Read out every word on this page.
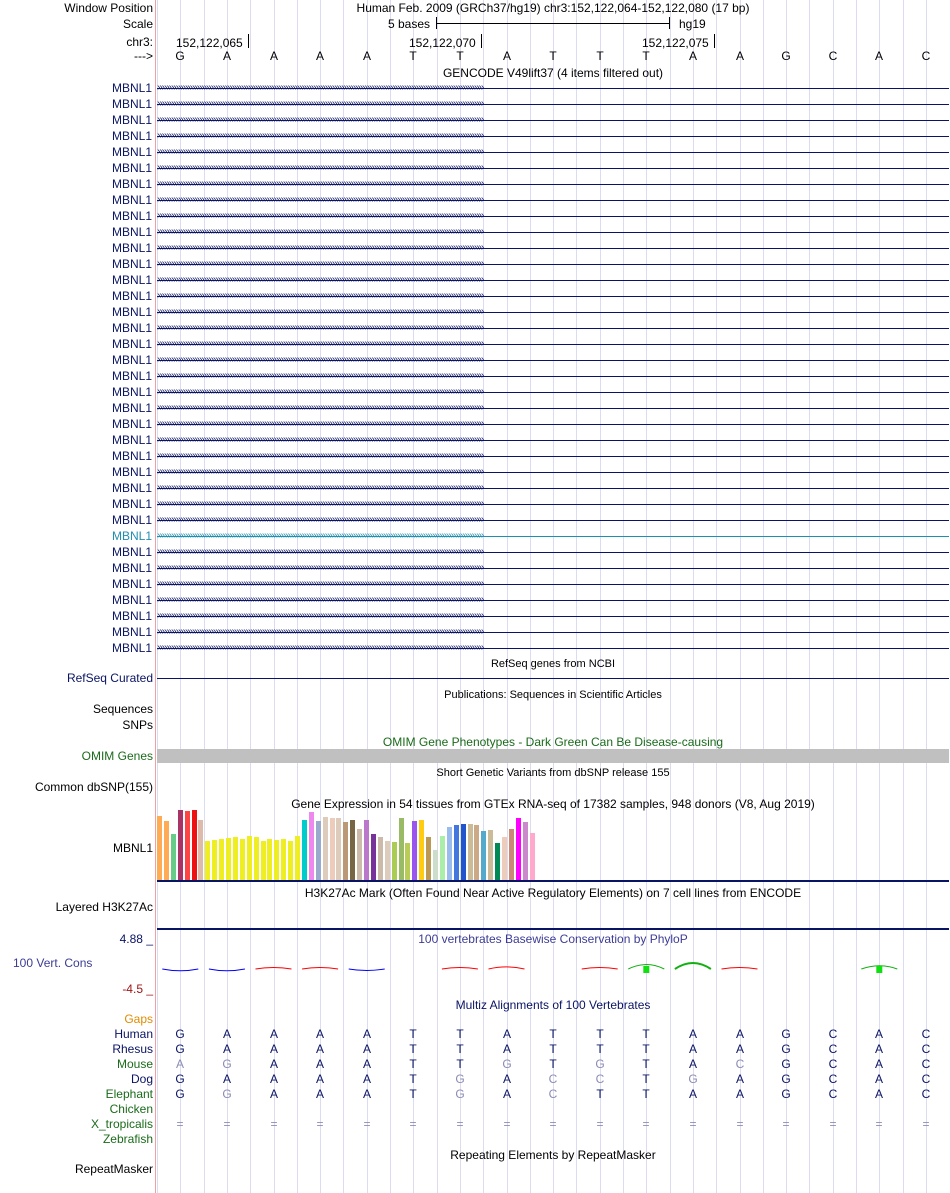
Window Position	Human Feb. 2009 (GRCh37/hg19) chr3:152,122,064-152,122,080 (17 bp)
Scale	5 bases	hg19
chr3: 152,122,065	152,122,070	152,122,075
--->	G	A	A	A	A	T	T	A	T	T	T	A	A	G	C	A	C
GENCODE V49lift37 (4 items filtered out)
MBNL1 ››››››››››››››››››››››››››››››››››››››››››››››››››››››››››››››››››››››››››››››››››››››››››››››››››››››››››››››››››››››››››››››››››››››››››››
MBNL1 ››››››››››››››››››››››››››››››››››››››››››››››››››››››››››››››››››››››››››››››››››››››››››››››››››››››››››››››››››››››››››››››››››››››››››››
MBNL1 ››››››››››››››››››››››››››››››››››››››››››››››››››››››››››››››››››››››››››››››››››››››››››››››››››››››››››››››››››››››››››››››››››››››››››››
MBNL1 ››››››››››››››››››››››››››››››››››››››››››››››››››››››››››››››››››››››››››››››››››››››››››››››››››››››››››››››››››››››››››››››››››››››››››››
MBNL1 ››››››››››››››››››››››››››››››››››››››››››››››››››››››››››››››››››››››››››››››››››››››››››››››››››››››››››››››››››››››››››››››››››››››››››››
MBNL1 ››››››››››››››››››››››››››››››››››››››››››››››››››››››››››››››››››››››››››››››››››››››››››››››››››››››››››››››››››››››››››››››››››››››››››››
MBNL1 ››››››››››››››››››››››››››››››››››››››››››››››››››››››››››››››››››››››››››››››››››››››››››››››››››››››››››››››››››››››››››››››››››››››››››››
MBNL1 ››››››››››››››››››››››››››››››››››››››››››››››››››››››››››››››››››››››››››››››››››››››››››››››››››››››››››››››››››››››››››››››››››››››››››››
MBNL1 ››››››››››››››››››››››››››››››››››››››››››››››››››››››››››››››››››››››››››››››››››››››››››››››››››››››››››››››››››››››››››››››››››››››››››››
MBNL1 ››››››››››››››››››››››››››››››››››››››››››››››››››››››››››››››››››››››››››››››››››››››››››››››››››››››››››››››››››››››››››››››››››››››››››››
MBNL1 ››››››››››››››››››››››››››››››››››››››››››››››››››››››››››››››››››››››››››››››››››››››››››››››››››››››››››››››››››››››››››››››››››››››››››››
MBNL1 ››››››››››››››››››››››››››››››››››››››››››››››››››››››››››››››››››››››››››››››››››››››››››››››››››››››››››››››››››››››››››››››››››››››››››››
MBNL1 ››››››››››››››››››››››››››››››››››››››››››››››››››››››››››››››››››››››››››››››››››››››››››››››››››››››››››››››››››››››››››››››››››››››››››››
MBNL1 ››››››››››››››››››››››››››››››››››››››››››››››››››››››››››››››››››››››››››››››››››››››››››››››››››››››››››››››››››››››››››››››››››››››››››››
MBNL1 ››››››››››››››››››››››››››››››››››››››››››››››››››››››››››››››››››››››››››››››››››››››››››››››››››››››››››››››››››››››››››››››››››››››››››››
MBNL1 ››››››››››››››››››››››››››››››››››››››››››››››››››››››››››››››››››››››››››››››››››››››››››››››››››››››››››››››››››››››››››››››››››››››››››››
MBNL1 ››››››››››››››››››››››››››››››››››››››››››››››››››››››››››››››››››››››››››››››››››››››››››››››››››››››››››››››››››››››››››››››››››››››››››››
MBNL1 ››››››››››››››››››››››››››››››››››››››››››››››››››››››››››››››››››››››››››››››››››››››››››››››››››››››››››››››››››››››››››››››››››››››››››››
MBNL1 ››››››››››››››››››››››››››››››››››››››››››››››››››››››››››››››››››››››››››››››››››››››››››››››››››››››››››››››››››››››››››››››››››››››››››››
MBNL1 ››››››››››››››››››››››››››››››››››››››››››››››››››››››››››››››››››››››››››››››››››››››››››››››››››››››››››››››››››››››››››››››››››››››››››››
MBNL1 ››››››››››››››››››››››››››››››››››››››››››››››››››››››››››››››››››››››››››››››››››››››››››››››››››››››››››››››››››››››››››››››››››››››››››››
MBNL1 ››››››››››››››››››››››››››››››››››››››››››››››››››››››››››››››››››››››››››››››››››››››››››››››››››››››››››››››››››››››››››››››››››››››››››››
MBNL1 ››››››››››››››››››››››››››››››››››››››››››››››››››››››››››››››››››››››››››››››››››››››››››››››››››››››››››››››››››››››››››››››››››››››››››››
MBNL1 ››››››››››››››››››››››››››››››››››››››››››››››››››››››››››››››››››››››››››››››››››››››››››››››››››››››››››››››››››››››››››››››››››››››››››››
MBNL1 ››››››››››››››››››››››››››››››››››››››››››››››››››››››››››››››››››››››››››››››››››››››››››››››››››››››››››››››››››››››››››››››››››››››››››››
MBNL1 ››››››››››››››››››››››››››››››››››››››››››››››››››››››››››››››››››››››››››››››››››››››››››››››››››››››››››››››››››››››››››››››››››››››››››››
MBNL1 ››››››››››››››››››››››››››››››››››››››››››››››››››››››››››››››››››››››››››››››››››››››››››››››››››››››››››››››››››››››››››››››››››››››››››››
MBNL1 ››››››››››››››››››››››››››››››››››››››››››››››››››››››››››››››››››››››››››››››››››››››››››››››››››››››››››››››››››››››››››››››››››››››››››››
MBNL1 ››››››››››››››››››››››››››››››››››››››››››››››››››››››››››››››››››››››››››››››››››››››››››››››››››››››››››››››››››››››››››››››››››››››››››››
MBNL1 ››››››››››››››››››››››››››››››››››››››››››››››››››››››››››››››››››››››››››››››››››››››››››››››››››››››››››››››››››››››››››››››››››››››››››››
MBNL1 ››››››››››››››››››››››››››››››››››››››››››››››››››››››››››››››››››››››››››››››››››››››››››››››››››››››››››››››››››››››››››››››››››››››››››››
MBNL1 ››››››››››››››››››››››››››››››››››››››››››››››››››››››››››››››››››››››››››››››››››››››››››››››››››››››››››››››››››››››››››››››››››››››››››››
MBNL1 ››››››››››››››››››››››››››››››››››››››››››››››››››››››››››››››››››››››››››››››››››››››››››››››››››››››››››››››››››››››››››››››››››››››››››››
MBNL1 ››››››››››››››››››››››››››››››››››››››››››››››››››››››››››››››››››››››››››››››››››››››››››››››››››››››››››››››››››››››››››››››››››››››››››››
MBNL1 ››››››››››››››››››››››››››››››››››››››››››››››››››››››››››››››››››››››››››››››››››››››››››››››››››››››››››››››››››››››››››››››››››››››››››››
MBNL1 ››››››››››››››››››››››››››››››››››››››››››››››››››››››››››››››››››››››››››››››››››››››››››››››››››››››››››››››››››››››››››››››››››››››››››››
RefSeq genes from NCBI
RefSeq Curated
Publications: Sequences in Scientific Articles
Sequences
SNPs
OMIM Gene Phenotypes - Dark Green Can Be Disease-causing
OMIM Genes
Short Genetic Variants from dbSNP release 155
Common dbSNP(155)
Gene Expression in 54 tissues from GTEx RNA-seq of 17382 samples, 948 donors (V8, Aug 2019)
MBNL1
H3K27Ac Mark (Often Found Near Active Regulatory Elements) on 7 cell lines from ENCODE
Layered H3K27Ac
4.88 _	100 vertebrates Basewise Conservation by PhyloP
100 Vert. Cons
-4.5 _
Multiz Alignments of 100 Vertebrates
Gaps
Human	G	A	A	A	A	T	T	A	T	T	T	A	A	G	C	A	C
Rhesus	G	A	A	A	A	T	T	A	T	T	T	A	A	G	C	A	C
Mouse	A	G	A	A	A	T	T	G	T	G	T	A	C	G	C	A	C
Dog	G	A	A	A	A	T	G	A	C	C	T	G	A	G	C	A	C
Elephant	G	G	A	A	A	T	G	A	C	T	T	A	A	G	C	A	C
Chicken
X_tropicalis	=	=	=	=	=	=	=	=	=	=	=	=	=	=	=	=	=
Zebrafish
Repeating Elements by RepeatMasker
RepeatMasker
